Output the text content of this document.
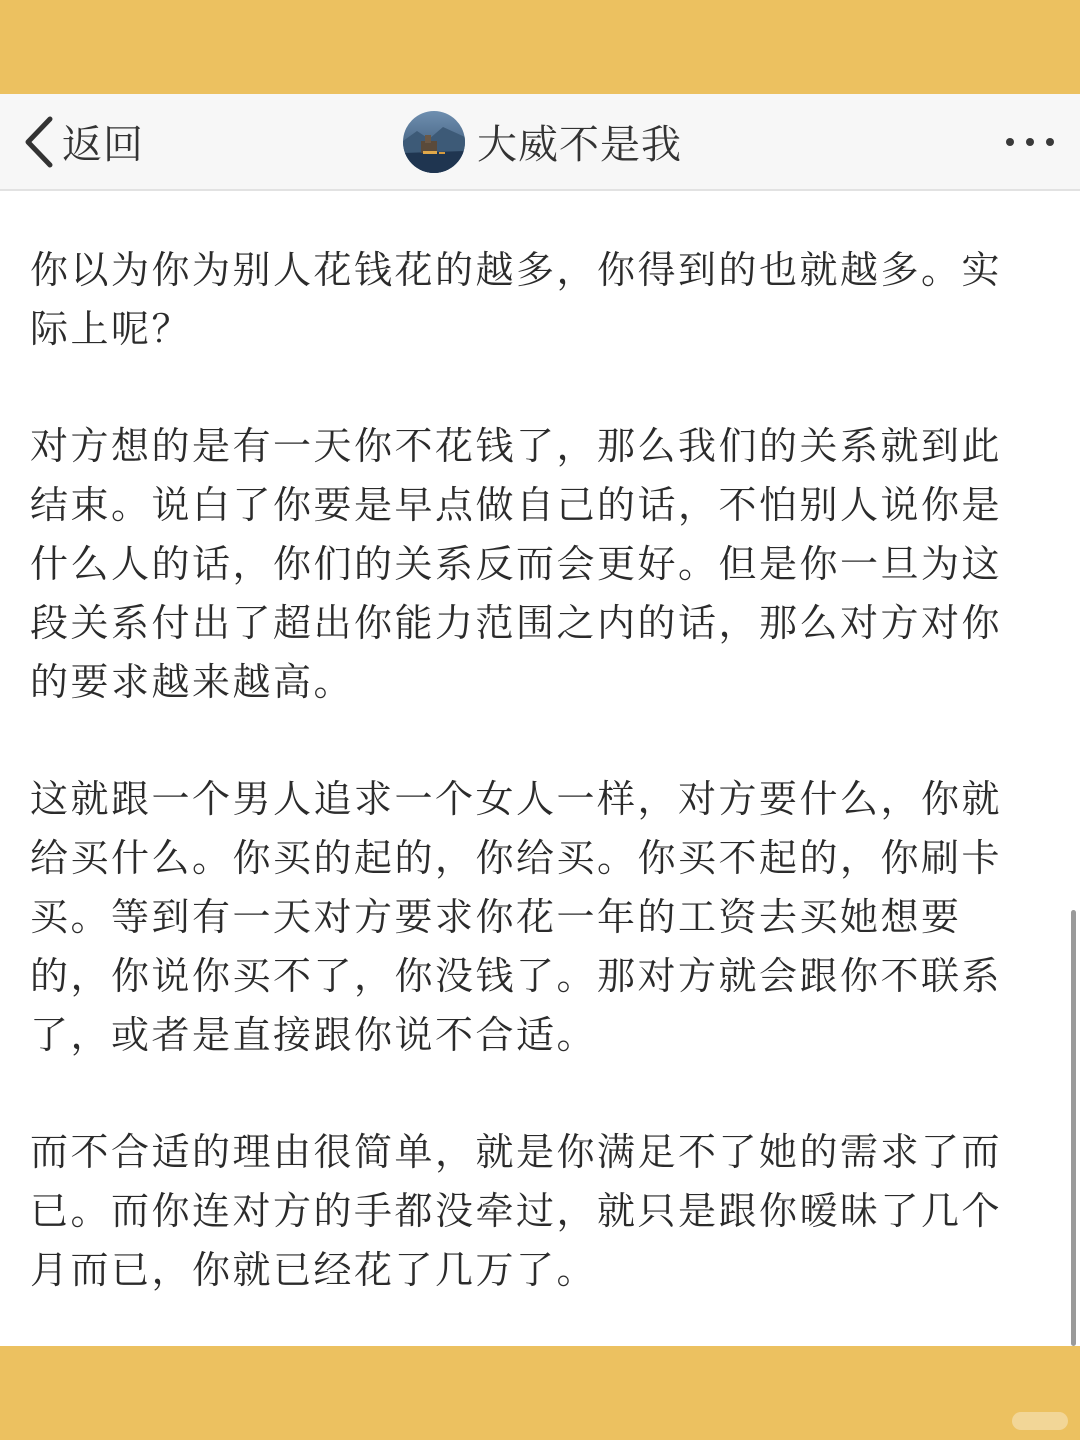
返回	大威不是我

你以为你为别人花钱花的越多，你得到的也就越多。实际上呢？

对方想的是有一天你不花钱了，那么我们的关系就到此结束。说白了你要是早点做自己的话，不怕别人说你是什么人的话，你们的关系反而会更好。但是你一旦为这段关系付出了超出你能力范围之内的话，那么对方对你的要求越来越高。

这就跟一个男人追求一个女人一样，对方要什么，你就给买什么。你买的起的，你给买。你买不起的，你刷卡买。等到有一天对方要求你花一年的工资去买她想要的，你说你买不了，你没钱了。那对方就会跟你不联系了，或者是直接跟你说不合适。

而不合适的理由很简单，就是你满足不了她的需求了而已。而你连对方的手都没牵过，就只是跟你暧昧了几个月而已，你就已经花了几万了。
